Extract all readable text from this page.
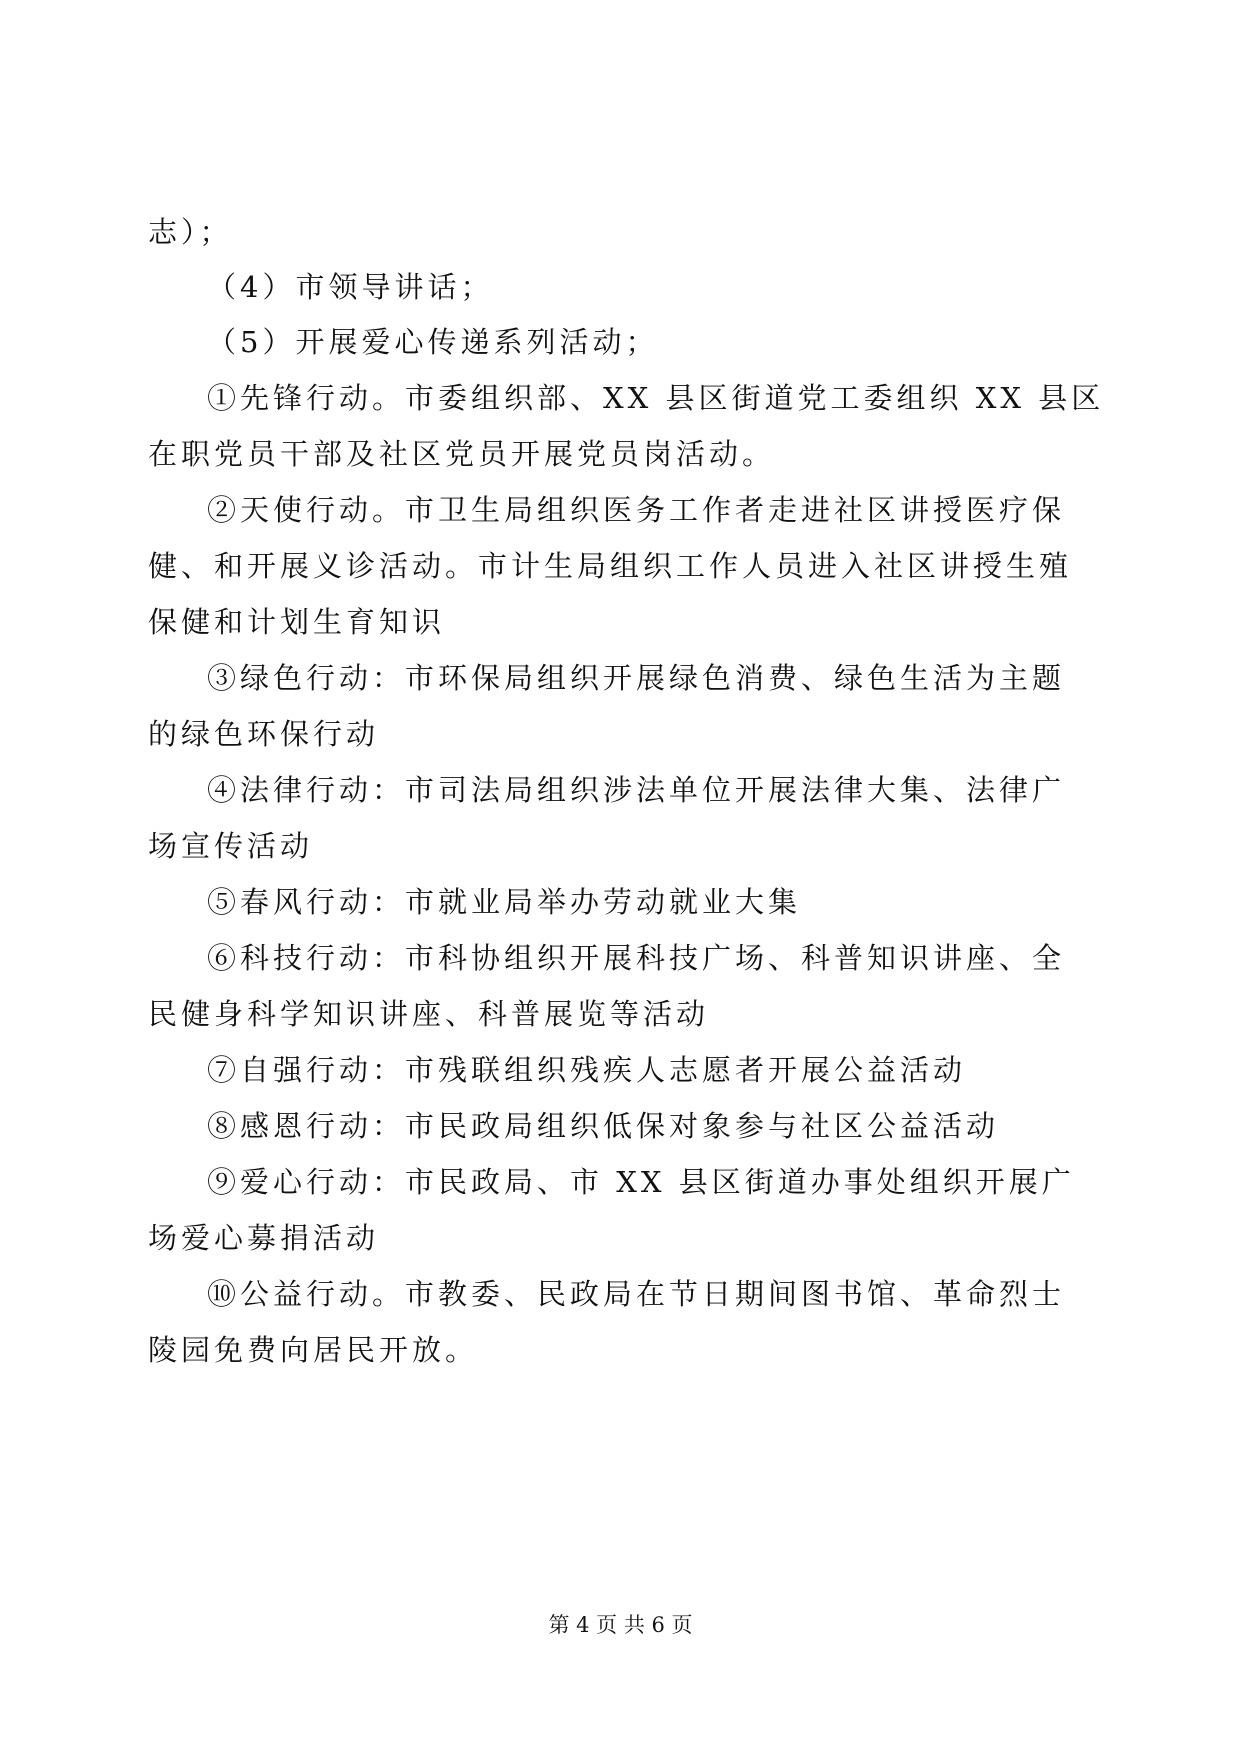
志）；
（4）市领导讲话；
（5）开展爱心传递系列活动；
①先锋行动。市委组织部、XX 县区街道党工委组织 XX 县区
在职党员干部及社区党员开展党员岗活动。
②天使行动。市卫生局组织医务工作者走进社区讲授医疗保
健、和开展义诊活动。市计生局组织工作人员进入社区讲授生殖
保健和计划生育知识
③绿色行动：市环保局组织开展绿色消费、绿色生活为主题
的绿色环保行动
④法律行动：市司法局组织涉法单位开展法律大集、法律广
场宣传活动
⑤春风行动：市就业局举办劳动就业大集
⑥科技行动：市科协组织开展科技广场、科普知识讲座、全
民健身科学知识讲座、科普展览等活动
⑦自强行动：市残联组织残疾人志愿者开展公益活动
⑧感恩行动：市民政局组织低保对象参与社区公益活动
⑨爱心行动：市民政局、市 XX 县区街道办事处组织开展广
场爱心募捐活动
⑩公益行动。市教委、民政局在节日期间图书馆、革命烈士
陵园免费向居民开放。
第 4 页 共 6 页
